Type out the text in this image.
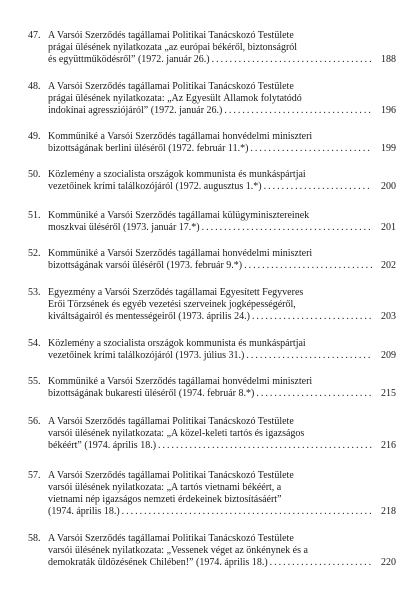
47. A Varsói Szerződés tagállamai Politikai Tanácskozó Testülete
prágai ülésének nyilatkozata „az európai békéről, biztonságról
és együttműködésről” (1972. január 26.) .....	188
48. A Varsói Szerződés tagállamai Politikai Tanácskozó Testülete
prágai ülésének nyilatkozata: „Az Egyesült Államok folytatódó
indokínai agressziójáról” (1972. január 26.) .....	196
49. Kommüniké a Varsói Szerződés tagállamai honvédelmi miniszteri
bizottságának berlini üléséről (1972. február 11.*) .....	199
50. Közlemény a szocialista országok kommunista és munkáspártjai
vezetőinek krími találkozójáról (1972. augusztus 1.*) .....	200
51. Kommüniké a Varsói Szerződés tagállamai külügyminisztereinek
moszkvai üléséről (1973. január 17.*) .....	201
52. Kommüniké a Varsói Szerződés tagállamai honvédelmi miniszteri
bizottságának varsói üléséről (1973. február 9.*) .....	202
53. Egyezmény a Varsói Szerződés tagállamai Egyesített Fegyveres
Erői Törzsének és egyéb vezetési szerveinek jogképességéről,
kiváltságairól és mentességeiről (1973. április 24.) .....	203
54. Közlemény a szocialista országok kommunista és munkáspártjai
vezetőinek krími találkozójáról (1973. július 31.) .....	209
55. Kommüniké a Varsói Szerződés tagállamai honvédelmi miniszteri
bizottságának bukaresti üléséről (1974. február 8.*) .....	215
56. A Varsói Szerződés tagállamai Politikai Tanácskozó Testülete
varsói ülésének nyilatkozata: „A közel-keleti tartós és igazságos
békéért” (1974. április 18.) .....	216
57. A Varsói Szerződés tagállamai Politikai Tanácskozó Testülete
varsói ülésének nyilatkozata: „A tartós vietnami békéért, a
vietnami nép igazságos nemzeti érdekeinek biztosításáért”
(1974. április 18.) .....	218
58. A Varsói Szerződés tagállamai Politikai Tanácskozó Testülete
varsói ülésének nyilatkozata: „Vessenek véget az önkénynek és a
demokraták üldözésének Chilében!” (1974. április 18.) .....	220
